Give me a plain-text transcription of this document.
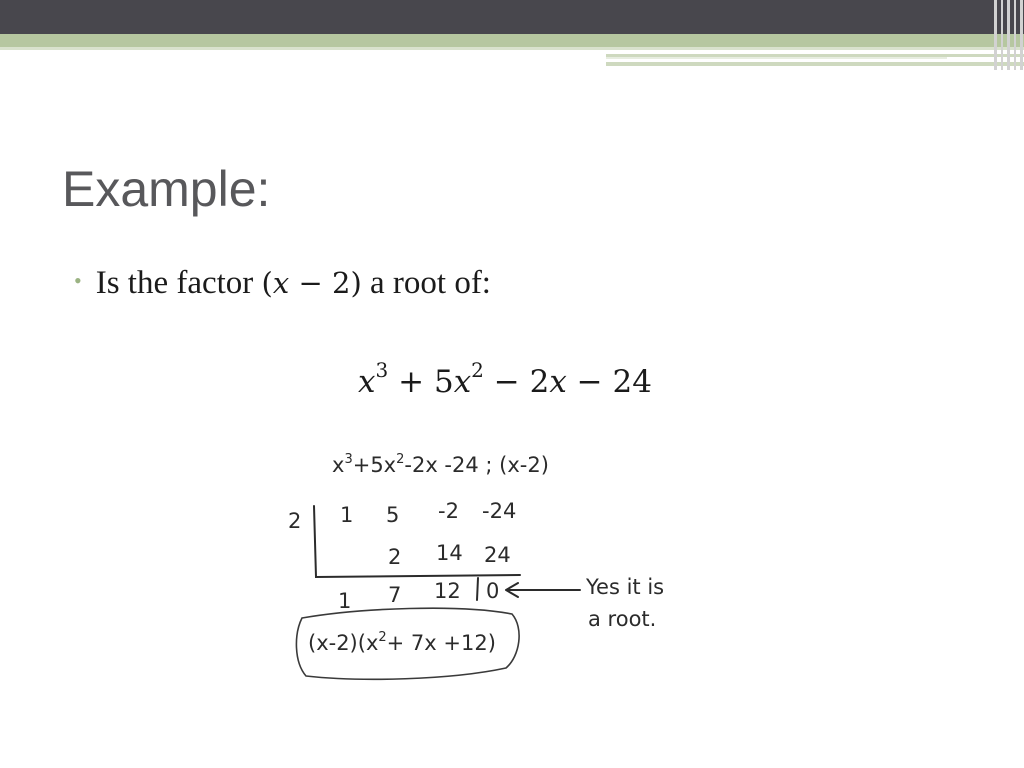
Example:
• Is the factor (x − 2) a root of:
$x^3 + 5x^2 - 2x - 24$
$x^3+5x^2-2x$ -24 ; (x-2)
2 1 5 -2 -24
2 14 24
1 7 12 0	Yes it is
a root.
$(x-2)(x^2+ 7x +12)$
